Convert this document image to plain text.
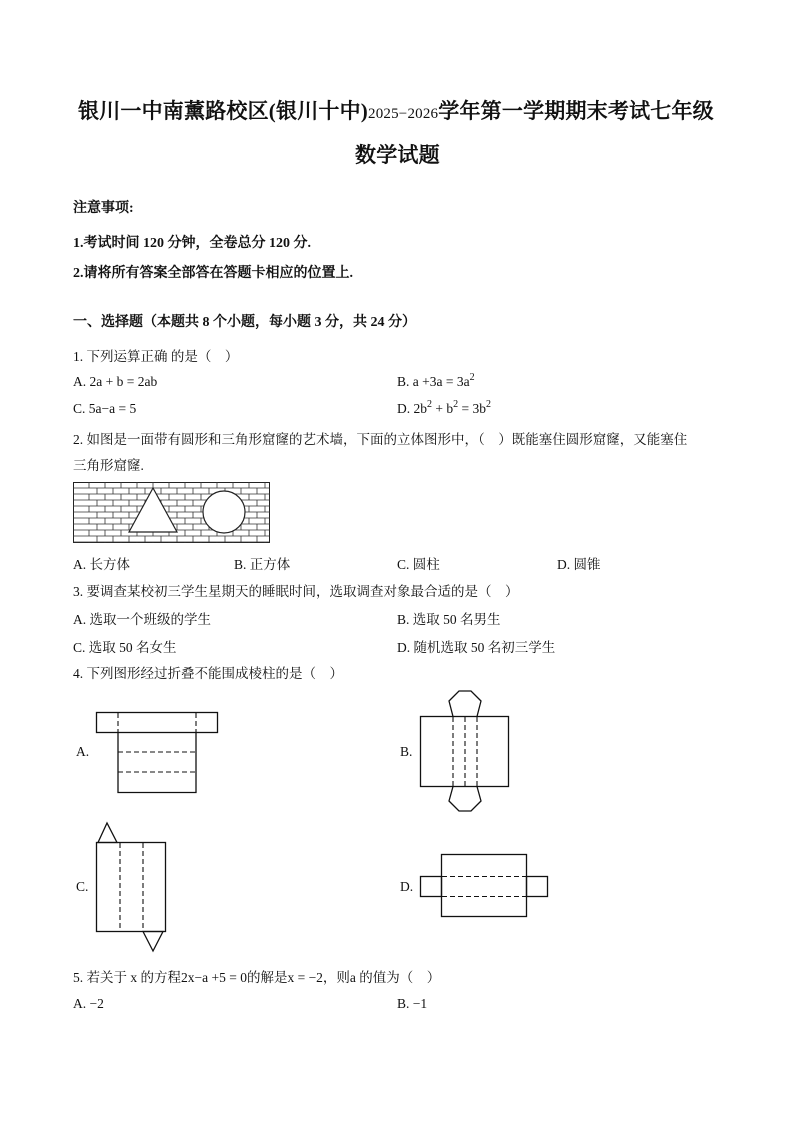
银川一中南薰路校区(银川十中)2025−2026学年第一学期期末考试七年级
数学试题
注意事项:
1.考试时间 120 分钟，全卷总分 120 分.
2.请将所有答案全部答在答题卡相应的位置上.
一、选择题（本题共 8 个小题，每小题 3 分，共 24 分）
1. 下列运算正确 的是（　）
A. 2a + b = 2ab	B. $a +3a = 3a^2$
C. 5a−a = 5	D. $2b^2 + b^2 = 3b^2$
2. 如图是一面带有圆形和三角形窟窿的艺术墙，下面的立体图形中，（　）既能塞住圆形窟窿，又能塞住
三角形窟窿.
A. 长方体	B. 正方体	C. 圆柱	D. 圆锥
3. 要调查某校初三学生星期天的睡眠时间，选取调查对象最合适的是（　）
A. 选取一个班级的学生	B. 选取 50 名男生
C. 选取 50 名女生	D. 随机选取 50 名初三学生
4. 下列图形经过折叠不能围成棱柱的是（　）
A.	B.
C.	D.
5. 若关于 x 的方程2x−a +5 = 0的解是x = −2，则a 的值为（　）
A. −2	B. −1
